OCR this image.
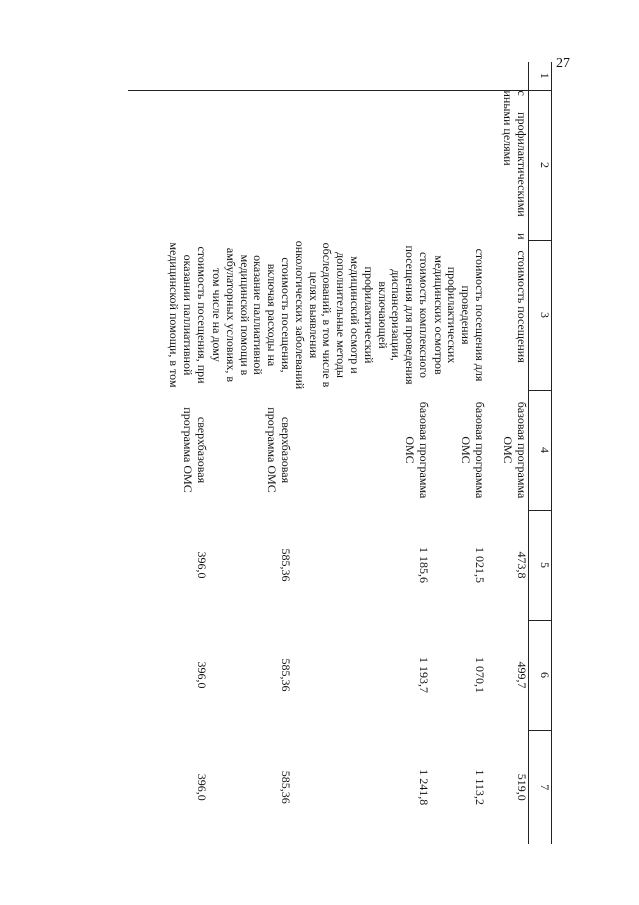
27
1	2	3	4	5	6	7

	с профилактическими и иными целями	стоимость посещения	базовая программа ОМС	473,8	499,7	519,0
		стоимость посещения для проведения профилактических медицинских осмотров	базовая программа ОМС	1 021,5	1 070,1	1 113,2
		стоимость комплексного посещения для проведения диспансеризации, включающей профилактический медицинский осмотр и дополнительные методы обследований, в том числе в целях выявления онкологических заболеваний	базовая программа ОМС	1 185,6	1 193,7	1 241,8
		стоимость посещения, включая расходы на оказание паллиативной медицинской помощи в амбулаторных условиях, в том числе на дому	сверхбазовая программа ОМС	585,36	585,36	585,36
		стоимость посещения, при оказании паллиативной медицинской помощи, в том	сверхбазовая программа ОМС	396,0	396,0	396,0
